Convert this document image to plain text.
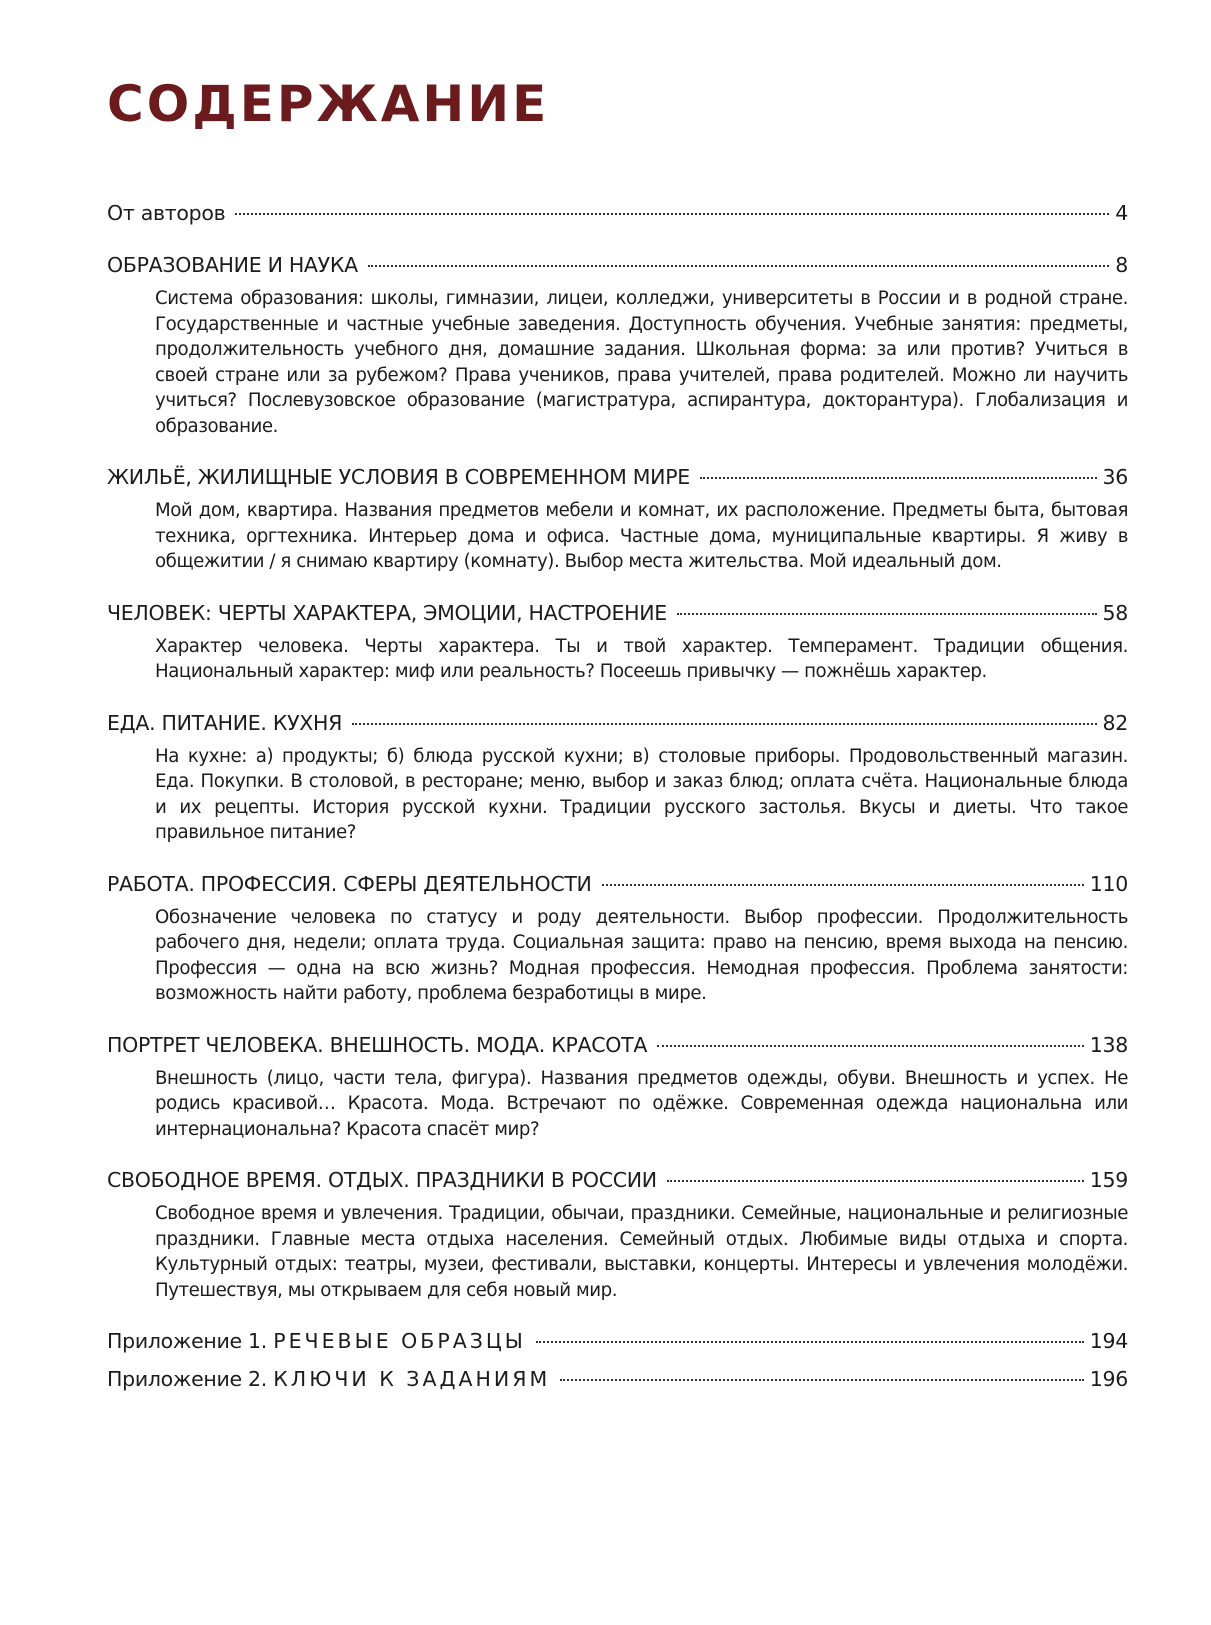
СОДЕРЖАНИЕ
От авторов	4
ОБРАЗОВАНИЕ И НАУКА	8

Система образования: школы, гимназии, лицеи, колледжи, университеты в России и в родной стране. Государственные и частные учебные заведения. Доступность обучения. Учебные занятия: предметы, продолжительность учебного дня, домашние задания. Школьная форма: за или против? Учиться в своей стране или за рубежом? Права учеников, права учителей, права родителей. Можно ли научить учиться? Послевузовское образование (магистратура, аспирантура, докторантура). Глобализация и образование.

ЖИЛЬЁ, ЖИЛИЩНЫЕ УСЛОВИЯ В СОВРЕМЕННОМ МИРЕ	36

Мой дом, квартира. Названия предметов мебели и комнат, их расположение. Предметы быта, бытовая техника, оргтехника. Интерьер дома и офиса. Частные дома, муниципальные квартиры. Я живу в общежитии / я снимаю квартиру (комнату). Выбор места жительства. Мой идеальный дом.

ЧЕЛОВЕК: ЧЕРТЫ ХАРАКТЕРА, ЭМОЦИИ, НАСТРОЕНИЕ	58

Характер человека. Черты характера. Ты и твой характер. Темперамент. Традиции общения. Национальный характер: миф или реальность? Посеешь привычку — пожнёшь характер.

ЕДА. ПИТАНИЕ. КУХНЯ	82

На кухне: а) продукты; б) блюда русской кухни; в) столовые приборы. Продовольственный магазин. Еда. Покупки. В столовой, в ресторане; меню, выбор и заказ блюд; оплата счёта. Национальные блюда и их рецепты. История русской кухни. Традиции русского застолья. Вкусы и диеты. Что такое правильное питание?

РАБОТА. ПРОФЕССИЯ. СФЕРЫ ДЕЯТЕЛЬНОСТИ	110

Обозначение человека по статусу и роду деятельности. Выбор профессии. Продолжительность рабочего дня, недели; оплата труда. Социальная защита: право на пенсию, время выхода на пенсию. Профессия — одна на всю жизнь? Модная профессия. Немодная профессия. Проблема занятости: возможность найти работу, проблема безработицы в мире.

ПОРТРЕТ ЧЕЛОВЕКА. ВНЕШНОСТЬ. МОДА. КРАСОТА	138

Внешность (лицо, части тела, фигура). Названия предметов одежды, обуви. Внешность и успех. Не родись красивой… Красота. Мода. Встречают по одёжке. Современная одежда национальна или интернациональна? Красота спасёт мир?

СВОБОДНОЕ ВРЕМЯ. ОТДЫХ. ПРАЗДНИКИ В РОССИИ	159

Свободное время и увлечения. Традиции, обычаи, праздники. Семейные, национальные и религиозные праздники. Главные места отдыха населения. Семейный отдых. Любимые виды отдыха и спорта. Культурный отдых: театры, музеи, фестивали, выставки, концерты. Интересы и увлечения молодёжи. Путешествуя, мы открываем для себя новый мир.

Приложение 1. РЕЧЕВЫЕ ОБРАЗЦЫ	194
Приложение 2. КЛЮЧИ К ЗАДАНИЯМ	196
